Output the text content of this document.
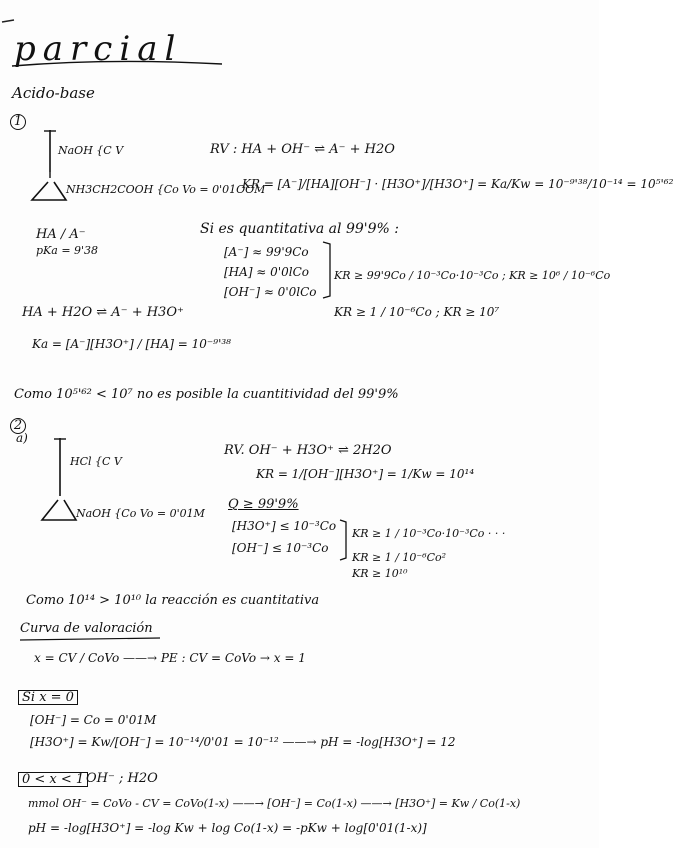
parcial
Acido-base
1
NaOH {C V
NH3CH2COOH {Co Vo = 0'01OOM
RV : HA + OH⁻ ⇌ A⁻ + H2O
KR = [A⁻]/[HA][OH⁻] · [H3O⁺]/[H3O⁺] = Ka/Kw = 10⁻⁹'³⁸/10⁻¹⁴ = 10⁵'⁶²
HA / A⁻
pKa = 9'38
Si es quantitativa al 99'9% :
[A⁻] ≈ 99'9Co
[HA] ≈ 0'0lCo
[OH⁻] ≈ 0'0lCo
KR ≥ 99'9Co / 10⁻³Co·10⁻³Co ; KR ≥ 10⁶ / 10⁻⁶Co
KR ≥ 1 / 10⁻⁶Co ; KR ≥ 10⁷
HA + H2O ⇌ A⁻ + H3O⁺
Ka = [A⁻][H3O⁺] / [HA] = 10⁻⁹'³⁸
Como 10⁵'⁶² < 10⁷ no es posible la cuantitividad del 99'9%
2
a)
HCl {C V
NaOH {Co Vo = 0'01M
RV. OH⁻ + H3O⁺ ⇌ 2H2O
KR = 1/[OH⁻][H3O⁺] = 1/Kw = 10¹⁴
Q ≥ 99'9%
[H3O⁺] ≤ 10⁻³Co
[OH⁻] ≤ 10⁻³Co
KR ≥ 1 / 10⁻³Co·10⁻³Co · · ·
KR ≥ 1 / 10⁻⁶Co²
KR ≥ 10¹⁰
Como 10¹⁴ > 10¹⁰ la reacción es cuantitativa
Curva de valoración
x = CV / CoVo ——→ PE : CV = CoVo → x = 1
Si x = 0
[OH⁻] = Co = 0'01M
[H3O⁺] = Kw/[OH⁻] = 10⁻¹⁴/0'01 = 10⁻¹² ——→ pH = -log[H3O⁺] = 12
0 < x < 1 OH⁻ ; H2O
mmol OH⁻ = CoVo - CV = CoVo(1-x) ——→ [OH⁻] = Co(1-x) ——→ [H3O⁺] = Kw / Co(1-x)
pH = -log[H3O⁺] = -log Kw + log Co(1-x) = -pKw + log[0'01(1-x)]
